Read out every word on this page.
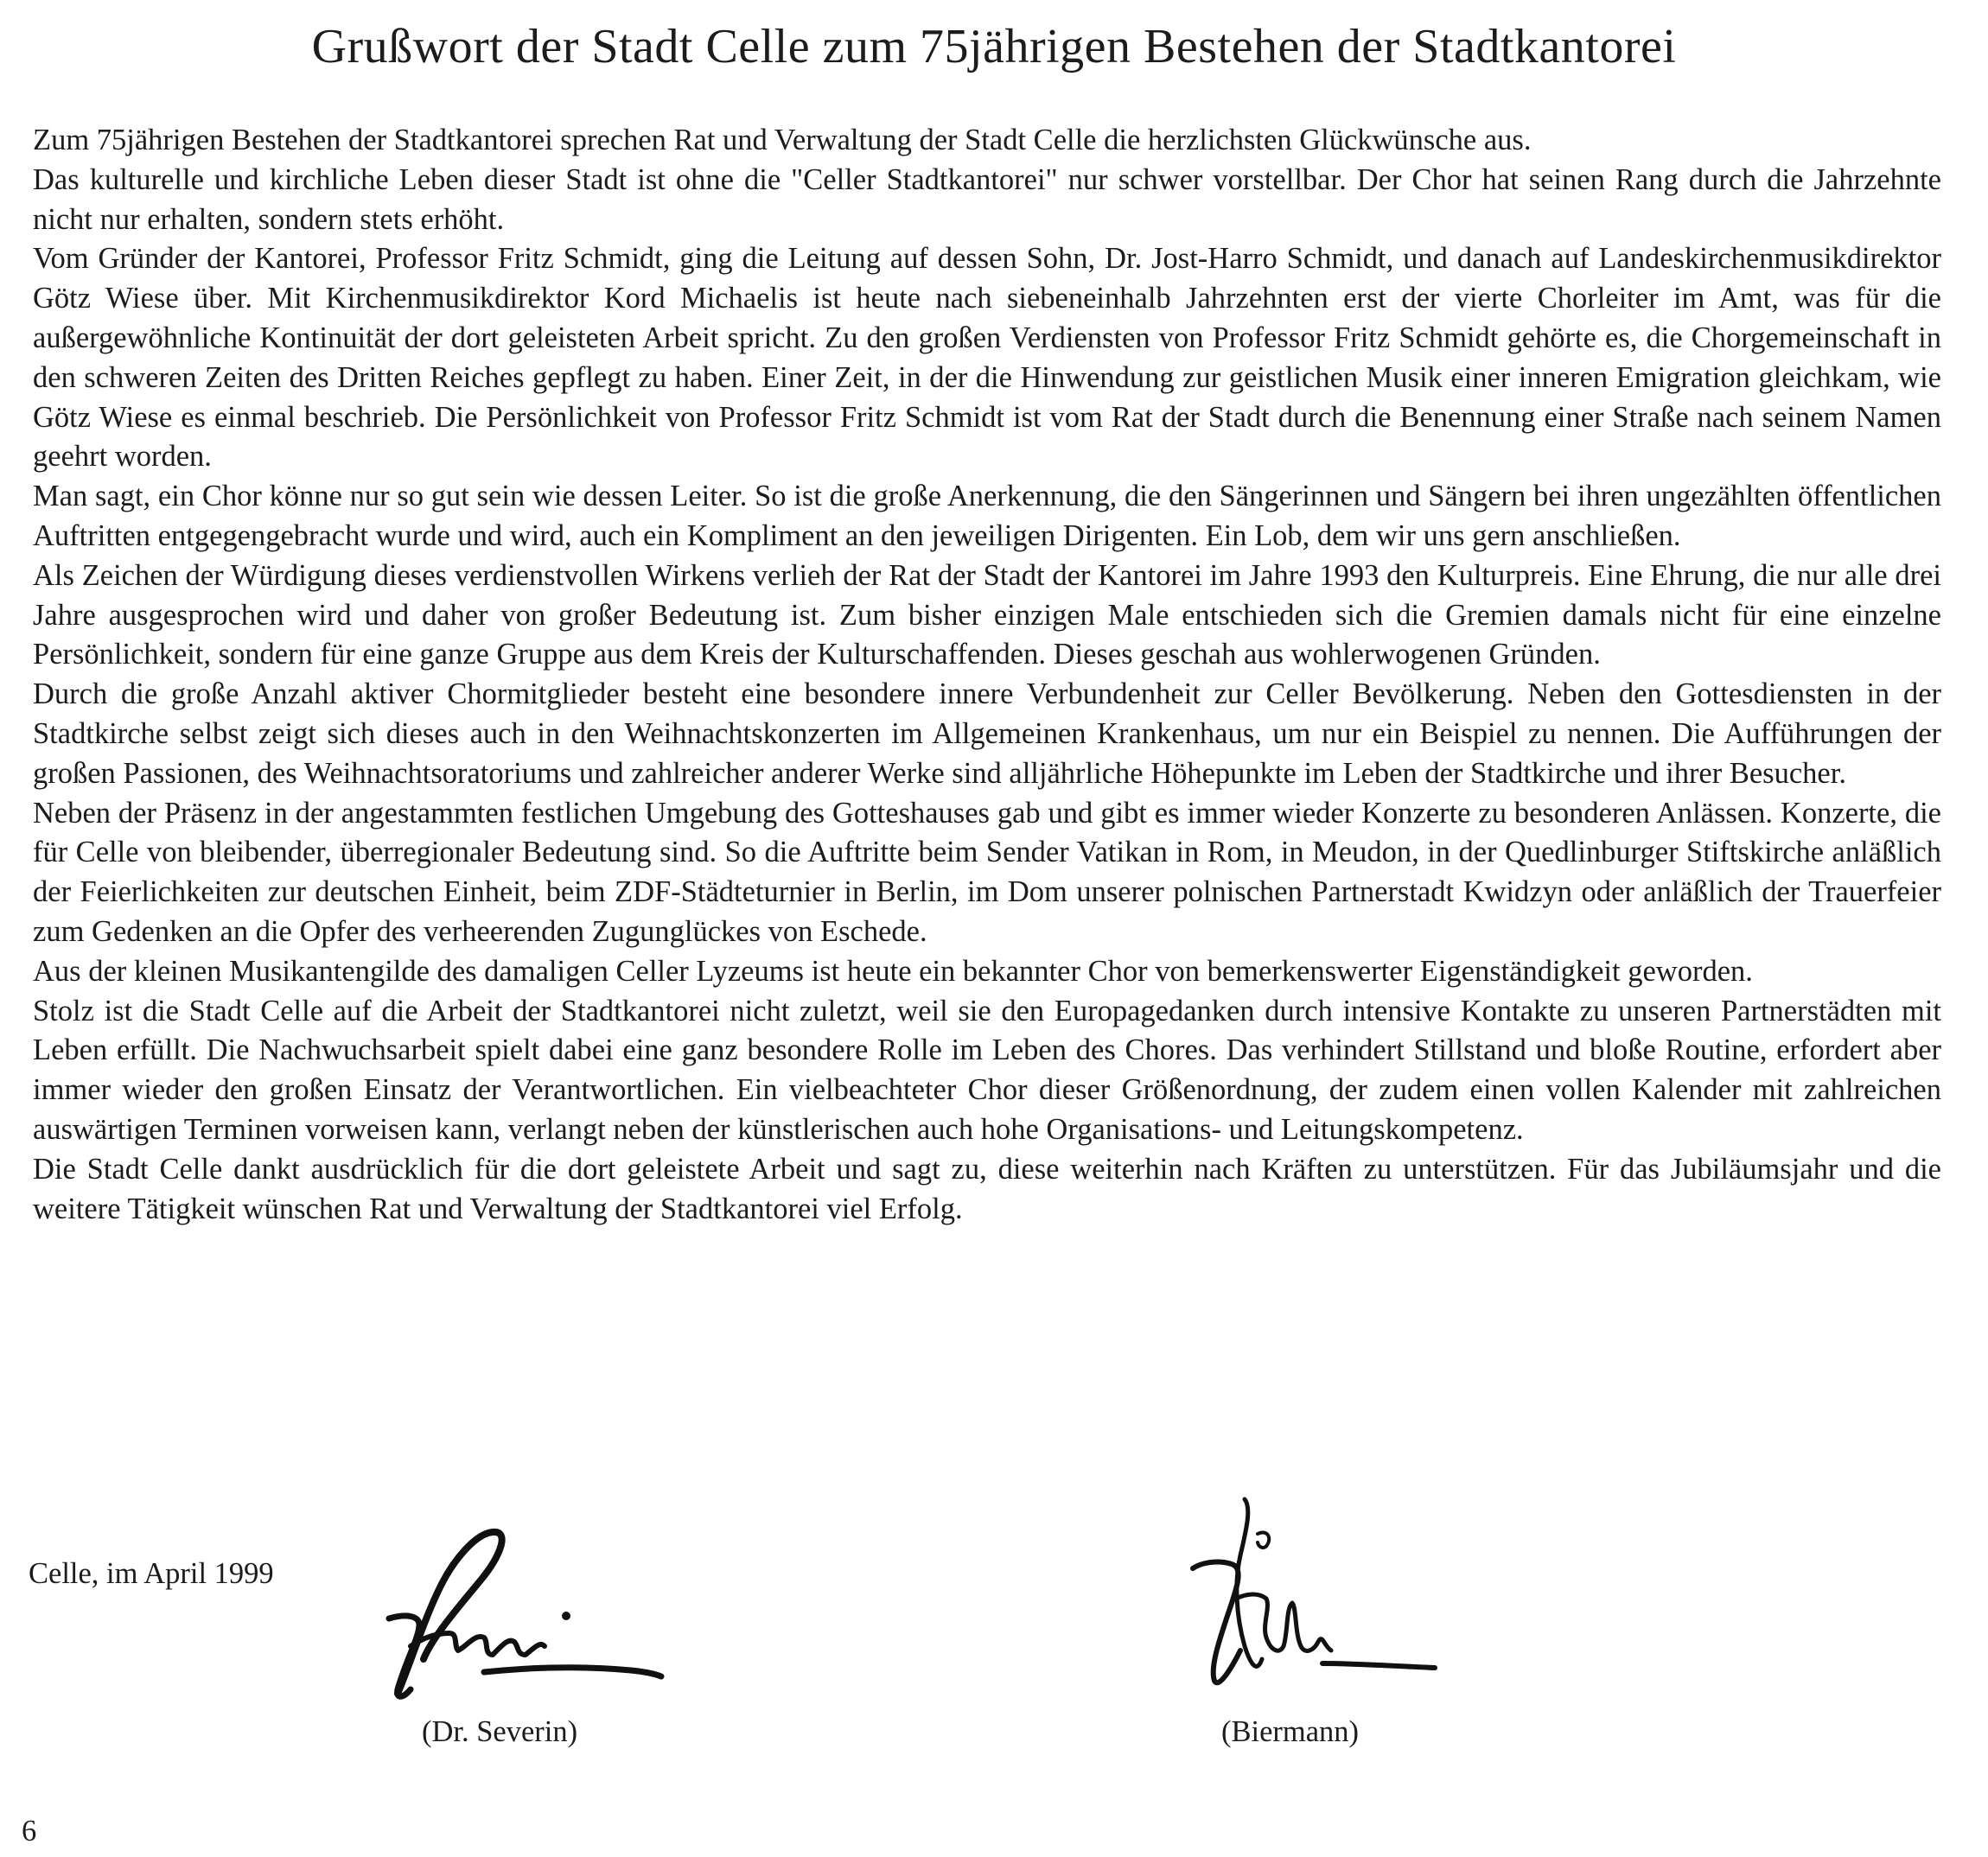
Grußwort der Stadt Celle zum 75jährigen Bestehen der Stadtkantorei

Zum 75jährigen Bestehen der Stadtkantorei sprechen Rat und Verwaltung der Stadt Celle die herzlichsten Glückwünsche aus.

Das kulturelle und kirchliche Leben dieser Stadt ist ohne die "Celler Stadtkantorei" nur schwer vorstellbar. Der Chor hat seinen Rang durch die Jahrzehnte nicht nur erhalten, sondern stets erhöht.

Vom Gründer der Kantorei, Professor Fritz Schmidt, ging die Leitung auf dessen Sohn, Dr. Jost-Harro Schmidt, und danach auf Landeskirchenmusikdirektor Götz Wiese über. Mit Kirchenmusikdirektor Kord Michaelis ist heute nach siebeneinhalb Jahrzehnten erst der vierte Chorleiter im Amt, was für die außergewöhnliche Kontinuität der dort geleisteten Arbeit spricht. Zu den großen Verdiensten von Professor Fritz Schmidt gehörte es, die Chorgemeinschaft in den schweren Zeiten des Dritten Reiches gepflegt zu haben. Einer Zeit, in der die Hinwendung zur geistlichen Musik einer inneren Emigration gleichkam, wie Götz Wiese es einmal beschrieb. Die Persönlichkeit von Professor Fritz Schmidt ist vom Rat der Stadt durch die Benennung einer Straße nach seinem Namen geehrt worden.

Man sagt, ein Chor könne nur so gut sein wie dessen Leiter. So ist die große Anerkennung, die den Sängerinnen und Sängern bei ihren ungezählten öffentlichen Auftritten entgegengebracht wurde und wird, auch ein Kompliment an den jeweiligen Dirigenten. Ein Lob, dem wir uns gern anschließen.

Als Zeichen der Würdigung dieses verdienstvollen Wirkens verlieh der Rat der Stadt der Kantorei im Jahre 1993 den Kulturpreis. Eine Ehrung, die nur alle drei Jahre ausgesprochen wird und daher von großer Bedeutung ist. Zum bisher einzigen Male entschieden sich die Gremien damals nicht für eine einzelne Persönlichkeit, sondern für eine ganze Gruppe aus dem Kreis der Kulturschaffenden. Dieses geschah aus wohlerwogenen Gründen.

Durch die große Anzahl aktiver Chormitglieder besteht eine besondere innere Verbundenheit zur Celler Bevölkerung. Neben den Gottesdiensten in der Stadtkirche selbst zeigt sich dieses auch in den Weihnachtskonzerten im Allgemeinen Krankenhaus, um nur ein Beispiel zu nennen. Die Aufführungen der großen Passionen, des Weihnachtsoratoriums und zahlreicher anderer Werke sind alljährliche Höhepunkte im Leben der Stadtkirche und ihrer Besucher.

Neben der Präsenz in der angestammten festlichen Umgebung des Gotteshauses gab und gibt es immer wieder Konzerte zu besonderen Anlässen. Konzerte, die für Celle von bleibender, überregionaler Bedeutung sind. So die Auftritte beim Sender Vatikan in Rom, in Meudon, in der Quedlinburger Stiftskirche anläßlich der Feierlichkeiten zur deutschen Einheit, beim ZDF-Städteturnier in Berlin, im Dom unserer polnischen Partnerstadt Kwidzyn oder anläßlich der Trauerfeier zum Gedenken an die Opfer des verheerenden Zugunglückes von Eschede.

Aus der kleinen Musikantengilde des damaligen Celler Lyzeums ist heute ein bekannter Chor von bemerkenswerter Eigenständigkeit geworden.

Stolz ist die Stadt Celle auf die Arbeit der Stadtkantorei nicht zuletzt, weil sie den Europagedanken durch intensive Kontakte zu unseren Partnerstädten mit Leben erfüllt. Die Nachwuchsarbeit spielt dabei eine ganz besondere Rolle im Leben des Chores. Das verhindert Stillstand und bloße Routine, erfordert aber immer wieder den großen Einsatz der Verantwortlichen. Ein vielbeachteter Chor dieser Größenordnung, der zudem einen vollen Kalender mit zahlreichen auswärtigen Terminen vorweisen kann, verlangt neben der künstlerischen auch hohe Organisations- und Leitungskompetenz.

Die Stadt Celle dankt ausdrücklich für die dort geleistete Arbeit und sagt zu, diese weiterhin nach Kräften zu unterstützen. Für das Jubiläumsjahr und die weitere Tätigkeit wünschen Rat und Verwaltung der Stadtkantorei viel Erfolg.

Celle, im April 1999
(Dr. Severin)	(Biermann)
6
